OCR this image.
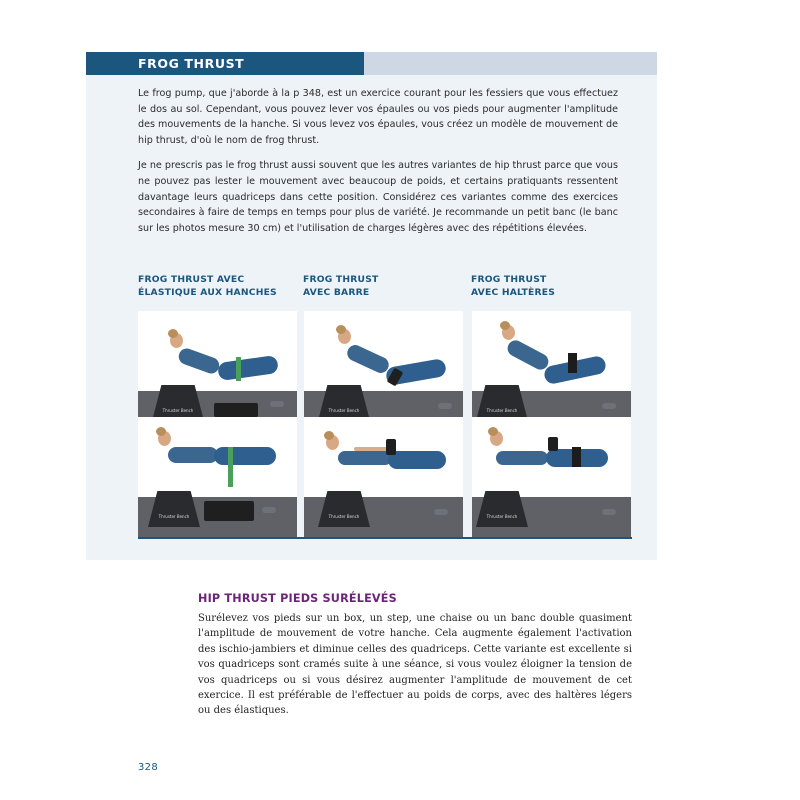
FROG THRUST

Le frog pump, que j'aborde à la p 348, est un exercice courant pour les fessiers que vous effectuez le dos au sol. Cependant, vous pouvez lever vos épaules ou vos pieds pour augmenter l'amplitude des mouvements de la hanche. Si vous levez vos épaules, vous créez un modèle de mouvement de hip thrust, d'où le nom de frog thrust.

Je ne prescris pas le frog thrust aussi souvent que les autres variantes de hip thrust parce que vous ne pouvez pas lester le mouvement avec beaucoup de poids, et certains pratiquants ressentent davantage leurs quadriceps dans cette position. Considérez ces variantes comme des exercices secondaires à faire de temps en temps pour plus de variété. Je recommande un petit banc (le banc sur les photos mesure 30 cm) et l'utilisation de charges légères avec des répétitions élevées.

FROG THRUST AVEC
ÉLASTIQUE AUX HANCHES
FROG THRUST
AVEC BARRE
FROG THRUST
AVEC HALTÈRES
Thruster Bench	Thruster Bench	Thruster Bench
Thruster Bench	Thruster Bench	Thruster Bench
HIP THRUST PIEDS SURÉLEVÉS

Surélevez vos pieds sur un box, un step, une chaise ou un banc double quasiment l'amplitude de mouvement de votre hanche. Cela augmente également l'activation des ischio-jambiers et diminue celles des quadriceps. Cette variante est excellente si vos quadriceps sont cramés suite à une séance, si vous voulez éloigner la tension de vos quadriceps ou si vous désirez augmenter l'amplitude de mouvement de cet exercice. Il est préférable de l'effectuer au poids de corps, avec des haltères légers ou des élastiques.

328
